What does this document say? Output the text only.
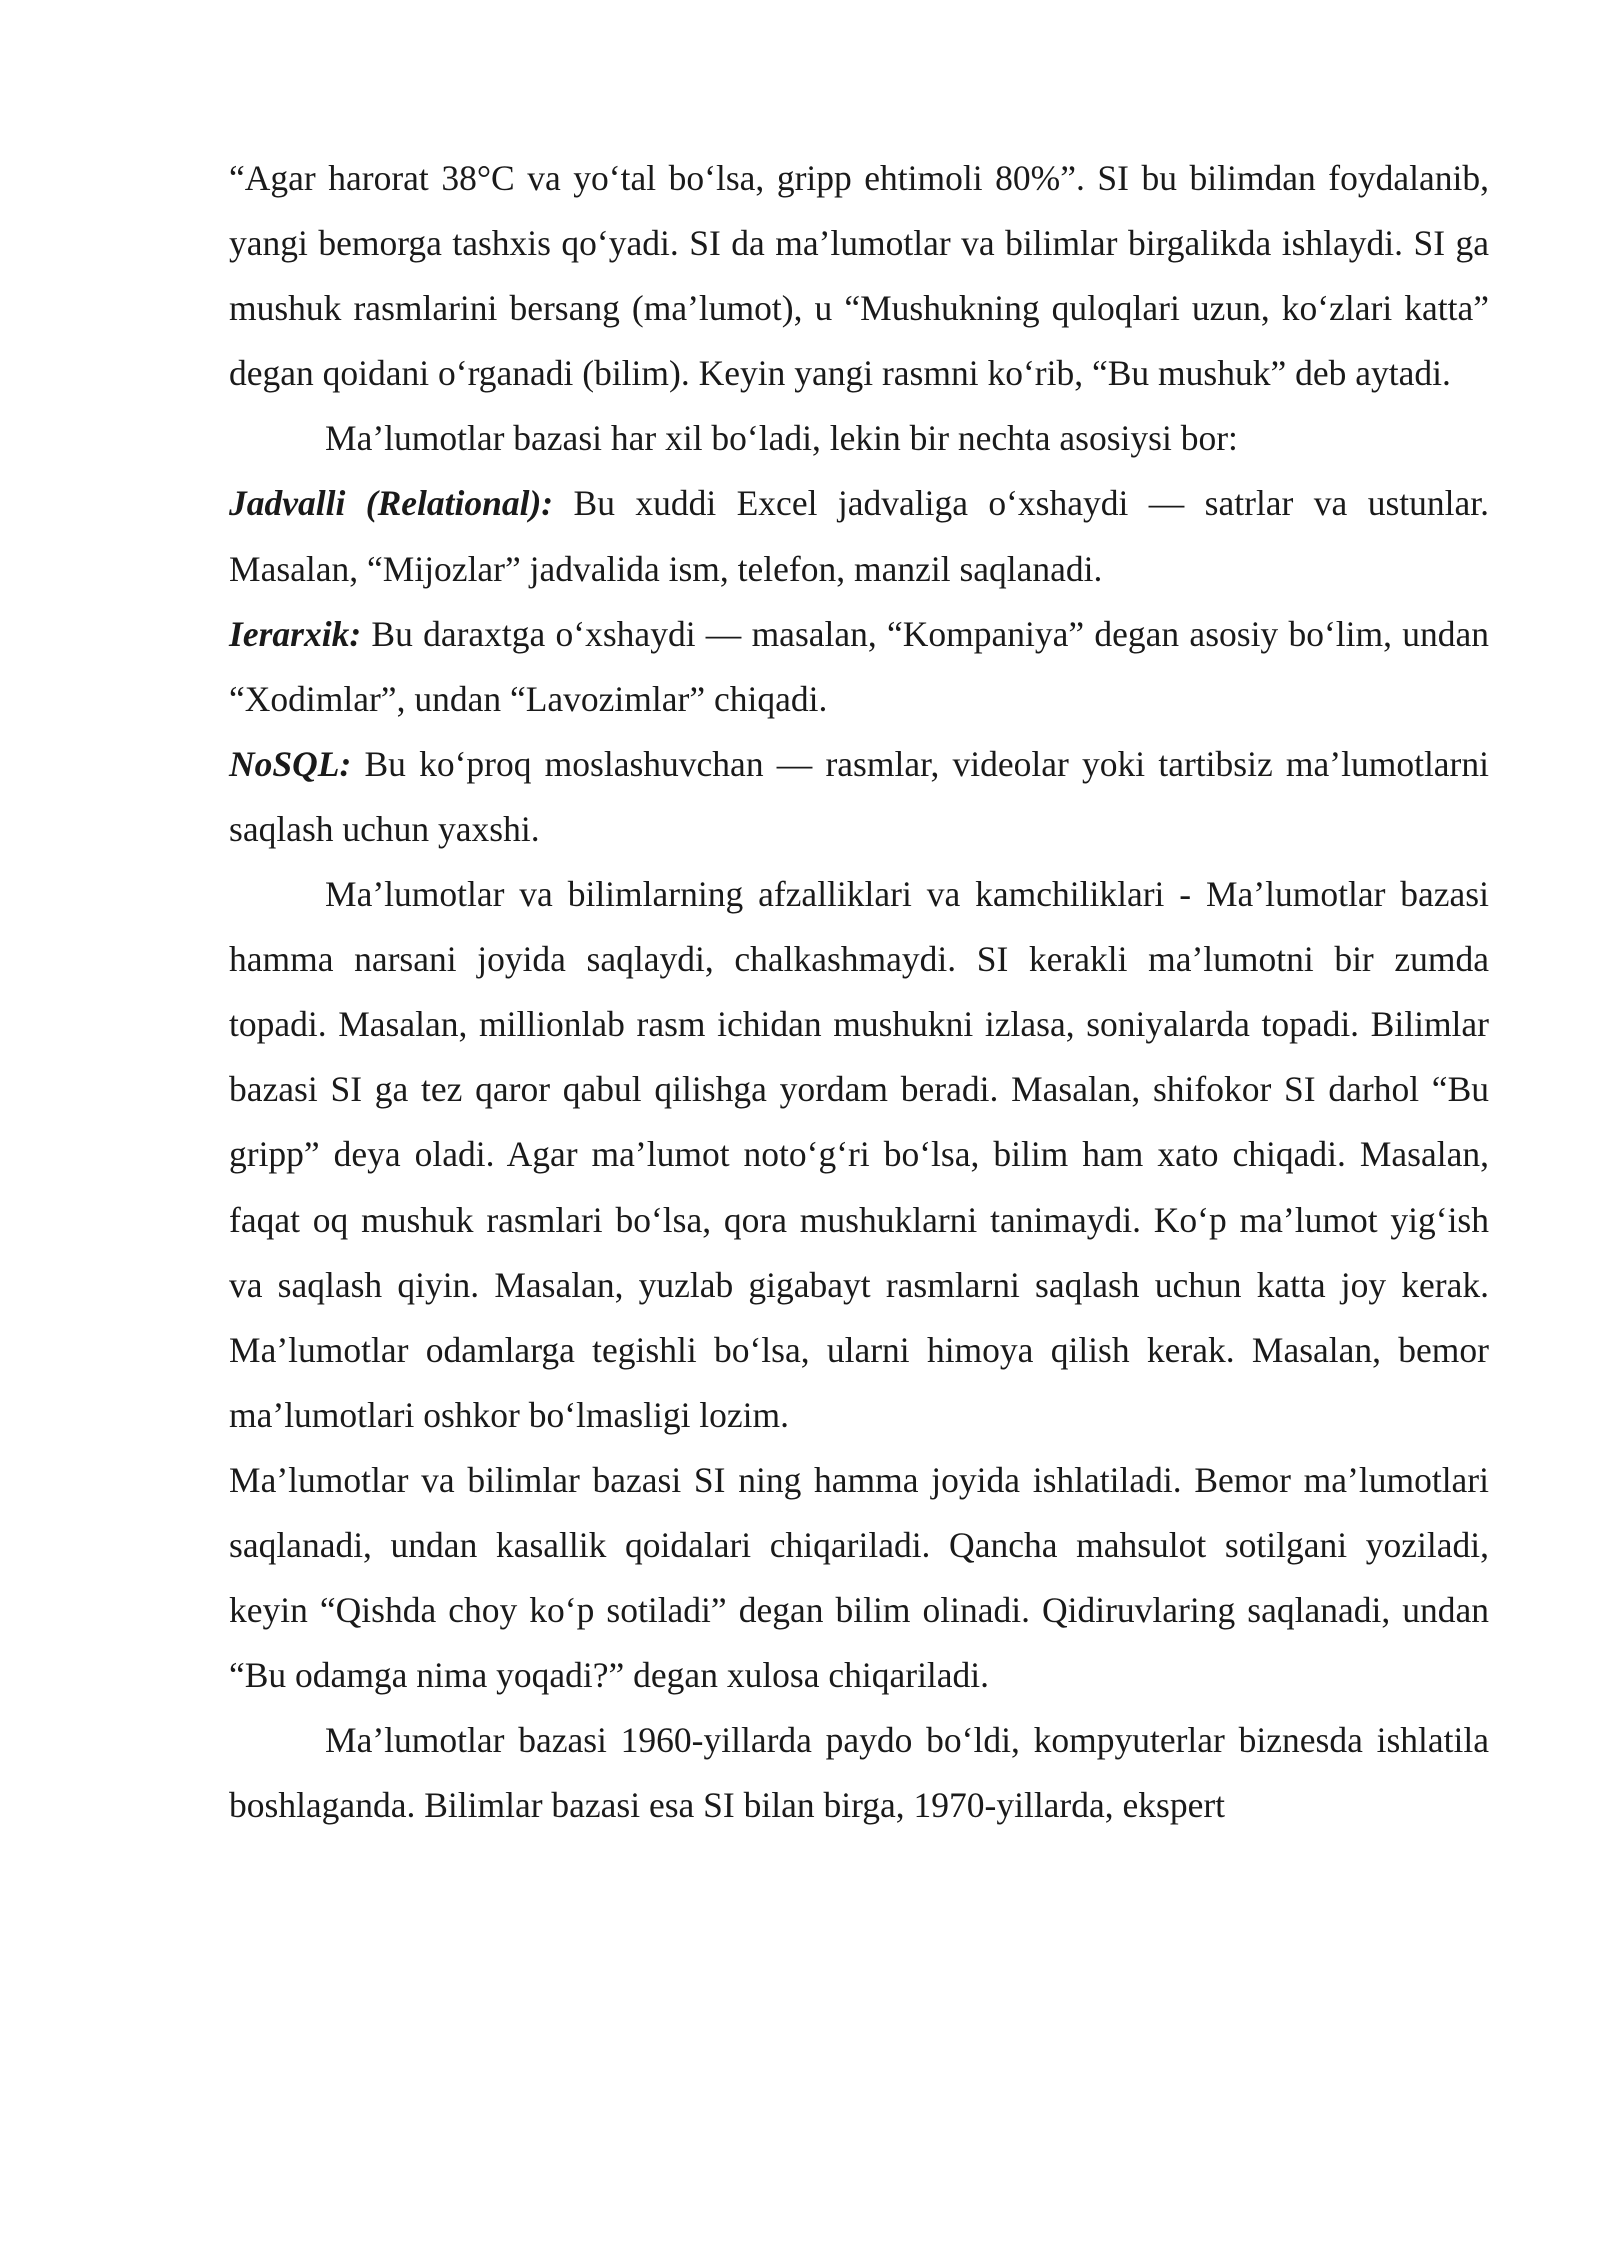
“Agar harorat 38°C va yo‘tal bo‘lsa, gripp ehtimoli 80%”. SI bu bilimdan foydalanib, yangi bemorga tashxis qo‘yadi. SI da ma’lumotlar va bilimlar birgalikda ishlaydi. SI ga mushuk rasmlarini bersang (ma’lumot), u “Mushukning quloqlari uzun, ko‘zlari katta” degan qoidani o‘rganadi (bilim). Keyin yangi rasmni ko‘rib, “Bu mushuk” deb aytadi.

Ma’lumotlar bazasi har xil bo‘ladi, lekin bir nechta asosiysi bor:

Jadvalli (Relational): Bu xuddi Excel jadvaliga o‘xshaydi — satrlar va ustunlar. Masalan, “Mijozlar” jadvalida ism, telefon, manzil saqlanadi.

Ierarxik: Bu daraxtga o‘xshaydi — masalan, “Kompaniya” degan asosiy bo‘lim, undan “Xodimlar”, undan “Lavozimlar” chiqadi.

NoSQL: Bu ko‘proq moslashuvchan — rasmlar, videolar yoki tartibsiz ma’lumotlarni saqlash uchun yaxshi.

Ma’lumotlar va bilimlarning afzalliklari va kamchiliklari - Ma’lumotlar bazasi hamma narsani joyida saqlaydi, chalkashmaydi. SI kerakli ma’lumotni bir zumda topadi. Masalan, millionlab rasm ichidan mushukni izlasa, soniyalarda topadi. Bilimlar bazasi SI ga tez qaror qabul qilishga yordam beradi. Masalan, shifokor SI darhol “Bu gripp” deya oladi. Agar ma’lumot noto‘g‘ri bo‘lsa, bilim ham xato chiqadi. Masalan, faqat oq mushuk rasmlari bo‘lsa, qora mushuklarni tanimaydi. Ko‘p ma’lumot yig‘ish va saqlash qiyin. Masalan, yuzlab gigabayt rasmlarni saqlash uchun katta joy kerak. Ma’lumotlar odamlarga tegishli bo‘lsa, ularni himoya qilish kerak. Masalan, bemor ma’lumotlari oshkor bo‘lmasligi lozim.

Ma’lumotlar va bilimlar bazasi SI ning hamma joyida ishlatiladi. Bemor ma’lumotlari saqlanadi, undan kasallik qoidalari chiqariladi. Qancha mahsulot sotilgani yoziladi, keyin “Qishda choy ko‘p sotiladi” degan bilim olinadi. Qidiruvlaring saqlanadi, undan “Bu odamga nima yoqadi?” degan xulosa chiqariladi.

Ma’lumotlar bazasi 1960-yillarda paydo bo‘ldi, kompyuterlar biznesda ishlatila boshlaganda. Bilimlar bazasi esa SI bilan birga, 1970-yillarda, ekspert
